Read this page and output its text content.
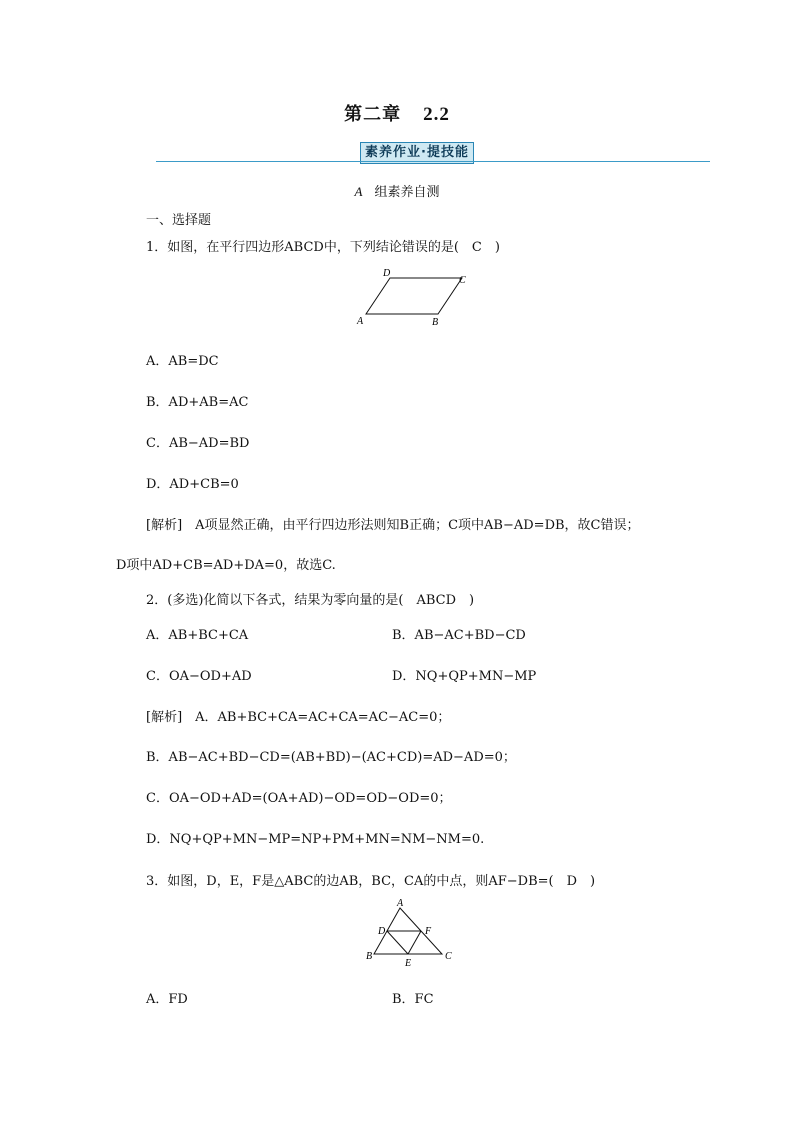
第二章 2.2
素养作业·提技能
A 组素养自测
一、选择题
1．如图，在平行四边形ABCD中，下列结论错误的是(　C　)
A	B
C
D
A．AB=DC
B．AD+AB=AC
C．AB−AD=BD
D．AD+CB=0
[解析]　A项显然正确，由平行四边形法则知B正确；C项中AB−AD=DB，故C错误；
D项中AD+CB=AD+DA=0，故选C.
2．(多选)化简以下各式，结果为零向量的是(　ABCD　)
A．AB+BC+CA	B．AB−AC+BD−CD
C．OA−OD+AD	D．NQ+QP+MN−MP
[解析]　A．AB+BC+CA=AC+CA=AC−AC=0；
B．AB−AC+BD−CD=(AB+BD)−(AC+CD)=AD−AD=0；
C．OA−OD+AD=(OA+AD)−OD=OD−OD=0；
D．NQ+QP+MN−MP=NP+PM+MN=NM−NM=0.
3．如图，D，E，F是△ABC的边AB，BC，CA的中点，则AF−DB=(　D　)
A
B	C
D
E
F
A．FD	B．FC
